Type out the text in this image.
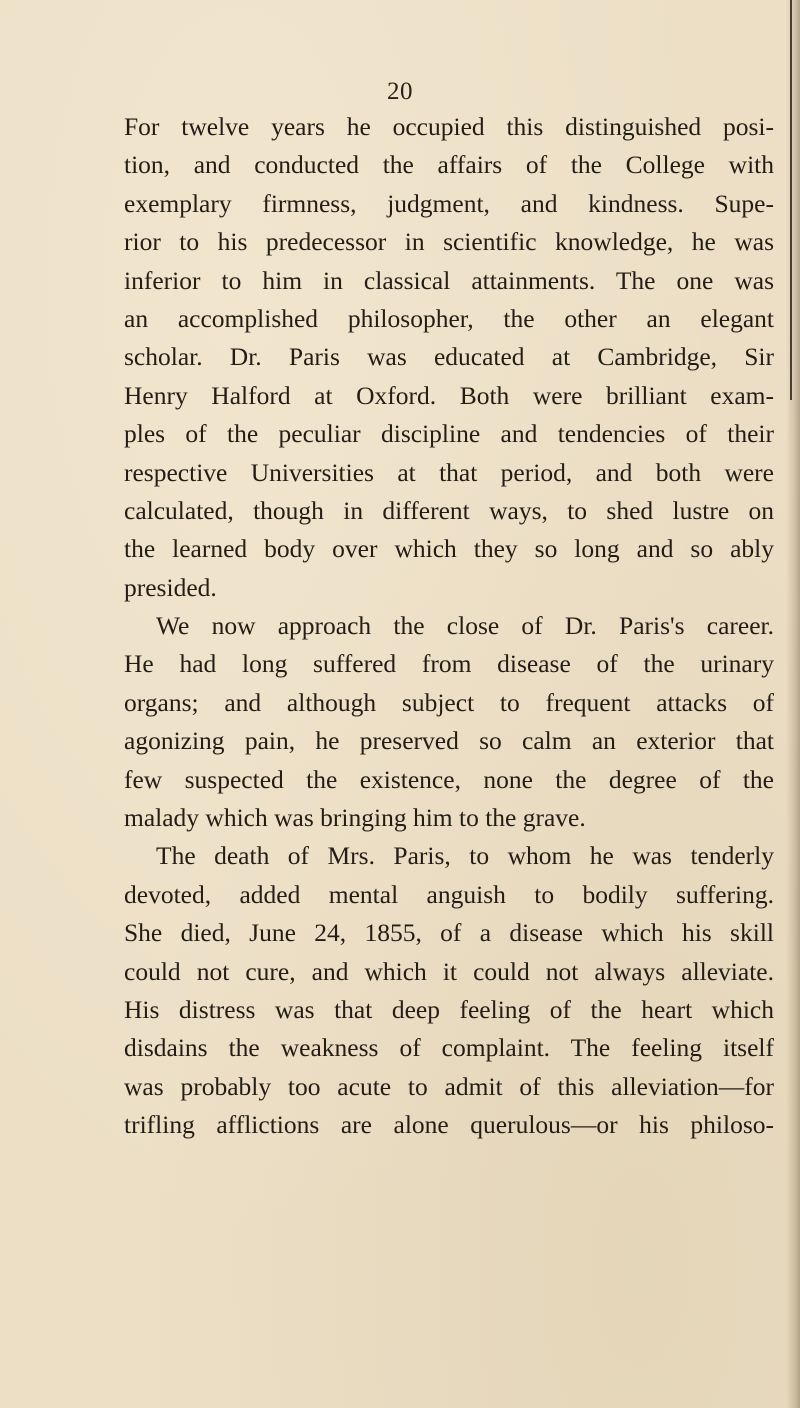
20
For twelve years he occupied this distinguished posi-
tion, and conducted the affairs of the College with
exemplary firmness, judgment, and kindness. Supe-
rior to his predecessor in scientific knowledge, he was
inferior to him in classical attainments. The one was
an accomplished philosopher, the other an elegant
scholar. Dr. Paris was educated at Cambridge, Sir
Henry Halford at Oxford. Both were brilliant exam-
ples of the peculiar discipline and tendencies of their
respective Universities at that period, and both were
calculated, though in different ways, to shed lustre on
the learned body over which they so long and so ably
presided.
We now approach the close of Dr. Paris's career.
He had long suffered from disease of the urinary
organs; and although subject to frequent attacks of
agonizing pain, he preserved so calm an exterior that
few suspected the existence, none the degree of the
malady which was bringing him to the grave.
The death of Mrs. Paris, to whom he was tenderly
devoted, added mental anguish to bodily suffering.
She died, June 24, 1855, of a disease which his skill
could not cure, and which it could not always alleviate.
His distress was that deep feeling of the heart which
disdains the weakness of complaint. The feeling itself
was probably too acute to admit of this alleviation—for
trifling afflictions are alone querulous—or his philoso-
